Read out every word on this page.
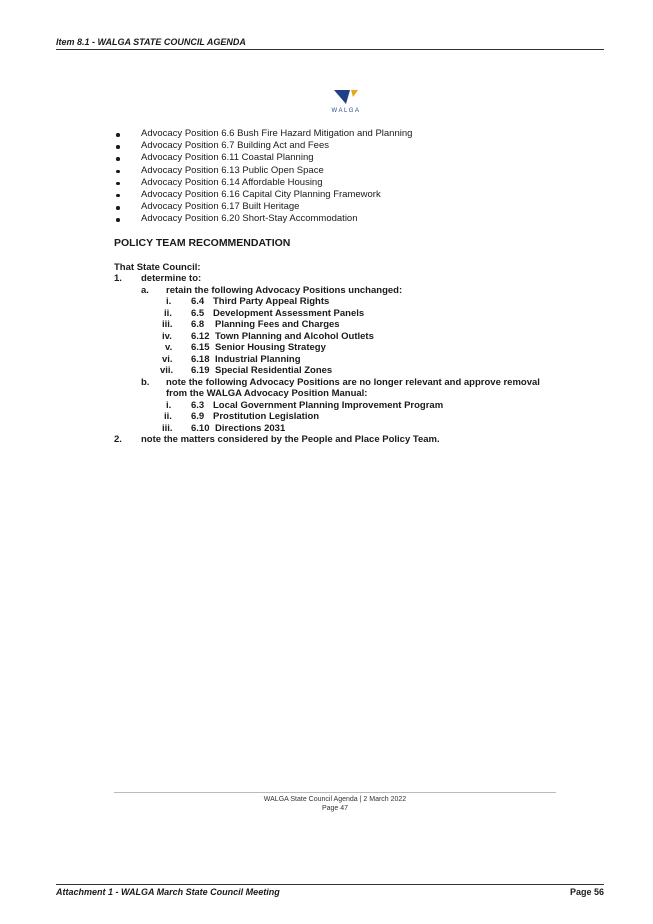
Item 8.1 - WALGA STATE COUNCIL AGENDA
WALGA
Advocacy Position 6.6 Bush Fire Hazard Mitigation and Planning
Advocacy Position 6.7 Building Act and Fees
Advocacy Position 6.11 Coastal Planning
Advocacy Position 6.13 Public Open Space
Advocacy Position 6.14 Affordable Housing
Advocacy Position 6.16 Capital City Planning Framework
Advocacy Position 6.17 Built Heritage
Advocacy Position 6.20 Short-Stay Accommodation
POLICY TEAM RECOMMENDATION
That State Council:
1. determine to:
a. retain the following Advocacy Positions unchanged:
i. 6.4 Third Party Appeal Rights
ii. 6.5 Development Assessment Panels
iii. 6.8 Planning Fees and Charges
iv. 6.12 Town Planning and Alcohol Outlets
v. 6.15 Senior Housing Strategy
vi. 6.18 Industrial Planning
vii. 6.19 Special Residential Zones
b. note the following Advocacy Positions are no longer relevant and approve removal
from the WALGA Advocacy Position Manual:
i. 6.3 Local Government Planning Improvement Program
ii. 6.9 Prostitution Legislation
iii. 6.10 Directions 2031
2. note the matters considered by the People and Place Policy Team.
WALGA State Council Agenda | 2 March 2022
Page 47
Attachment 1 - WALGA March State Council Meeting	Page 56
